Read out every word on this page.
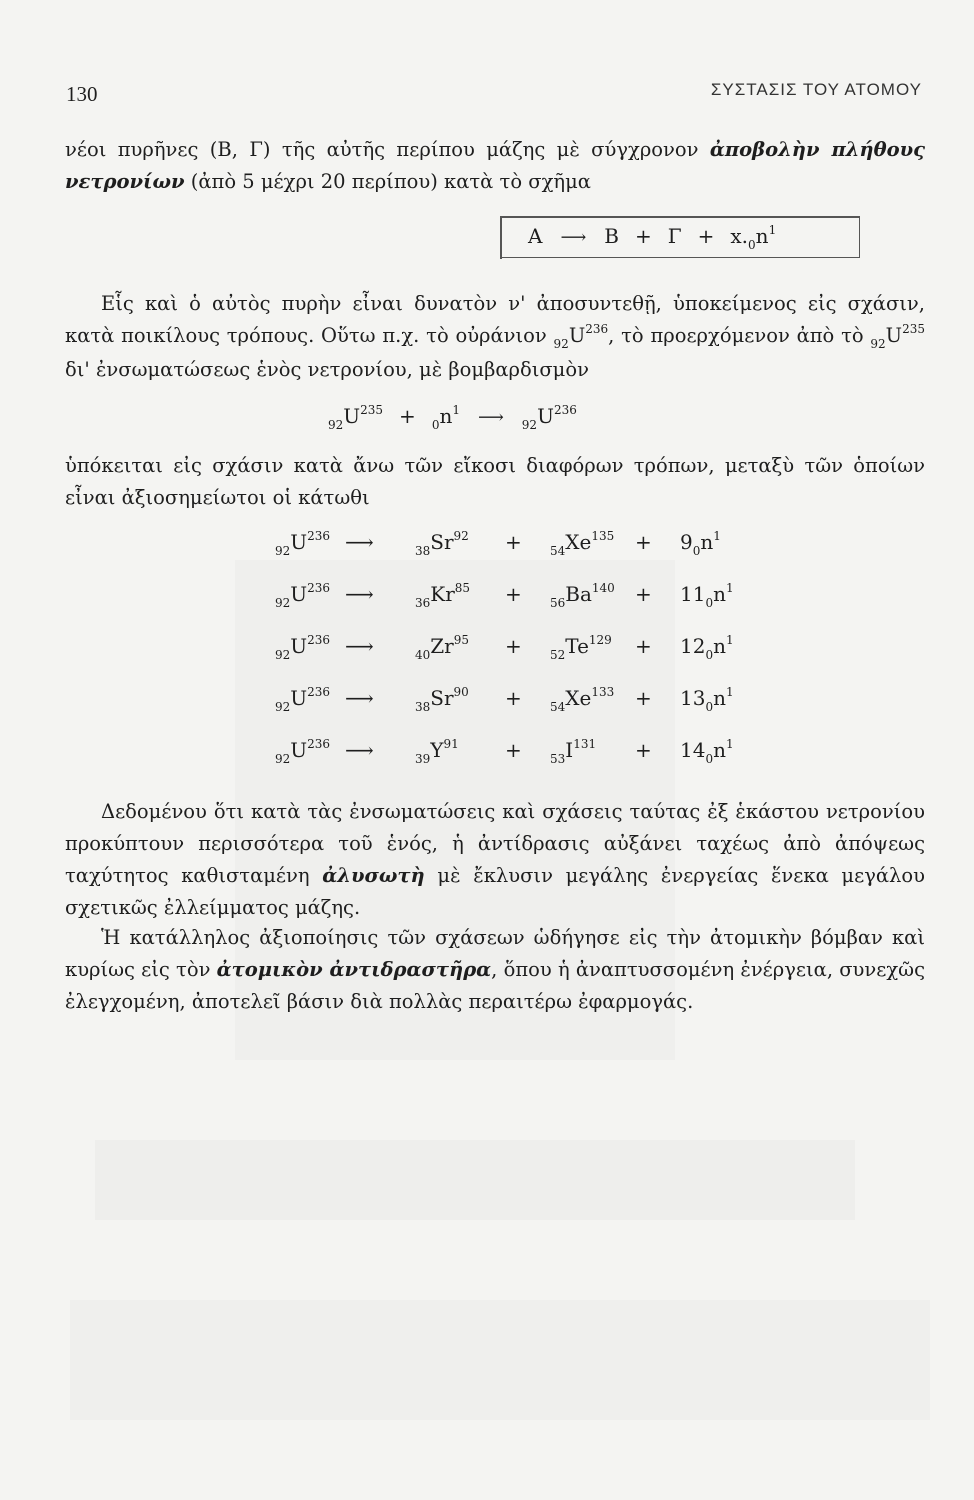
130	ΣΥΣΤΑΣΙΣ ΤΟΥ ΑΤΟΜΟΥ

νέοι πυρῆνες (Β, Γ) τῆς αὐτῆς περίπου μάζης μὲ σύγχρονον ἀποβολὴν πλήθους νετρονίων (ἀπὸ 5 μέχρι 20 περίπου) κατὰ τὸ σχῆμα

A ⟶ $B + \Gamma + x._0n^1$

Εἷς καὶ ὁ αὐτὸς πυρὴν εἶναι δυνατὸν ν' ἀποσυντεθῇ, ὑποκείμενος εἰς σχάσιν, κατὰ ποικίλους τρόπους. Οὕτω π.χ. τὸ οὐράνιον $_{92}U^{236}$, τὸ προερχόμενον ἀπὸ τὸ $_{92}U^{235}$ δι' ἐνσωματώσεως ἑνὸς νετρονίου, μὲ βομβαρδισμὸν

$_{92}U^{235} + _0n^1$ ⟶ $_{92}U^{236}$

ὑπόκειται εἰς σχάσιν κατὰ ἄνω τῶν εἴκοσι διαφόρων τρόπων, μεταξὺ τῶν ὁποίων εἶναι ἀξιοσημείωτοι οἱ κάτωθι

$_{92}U^{236}$ ⟶	$_{38}Sr^{92} + _{54}Xe^{135} + 9_0n^1$
$_{92}U^{236}$ ⟶	$_{36}Kr^{85} + _{56}Ba^{140} + 11_0n^1$
$_{92}U^{236}$ ⟶	$_{40}Zr^{95} + _{52}Te^{129} + 12_0n^1$
$_{92}U^{236}$ ⟶	$_{38}Sr^{90} + _{54}Xe^{133} + 13_0n^1$
$_{92}U^{236}$ ⟶	$_{39}Y^{91} + _{53}I^{131} + 14_0n^1$

Δεδομένου ὅτι κατὰ τὰς ἐνσωματώσεις καὶ σχάσεις ταύτας ἐξ ἑκάστου νετρονίου προκύπτουν περισσότερα τοῦ ἑνός, ἡ ἀντίδρασις αὐξάνει ταχέως ἀπὸ ἀπόψεως ταχύτητος καθισταμένη ἀλυσωτὴ μὲ ἔκλυσιν μεγάλης ἐνεργείας ἕνεκα μεγάλου σχετικῶς ἐλλείμματος μάζης.

Ἡ κατάλληλος ἀξιοποίησις τῶν σχάσεων ὡδήγησε εἰς τὴν ἀτομικὴν βόμβαν καὶ κυρίως εἰς τὸν ἀτομικὸν ἀντιδραστῆρα, ὅπου ἡ ἀναπτυσσομένη ἐνέργεια, συνεχῶς ἐλεγχομένη, ἀποτελεῖ βάσιν διὰ πολλὰς περαιτέρω ἐφαρμογάς.
